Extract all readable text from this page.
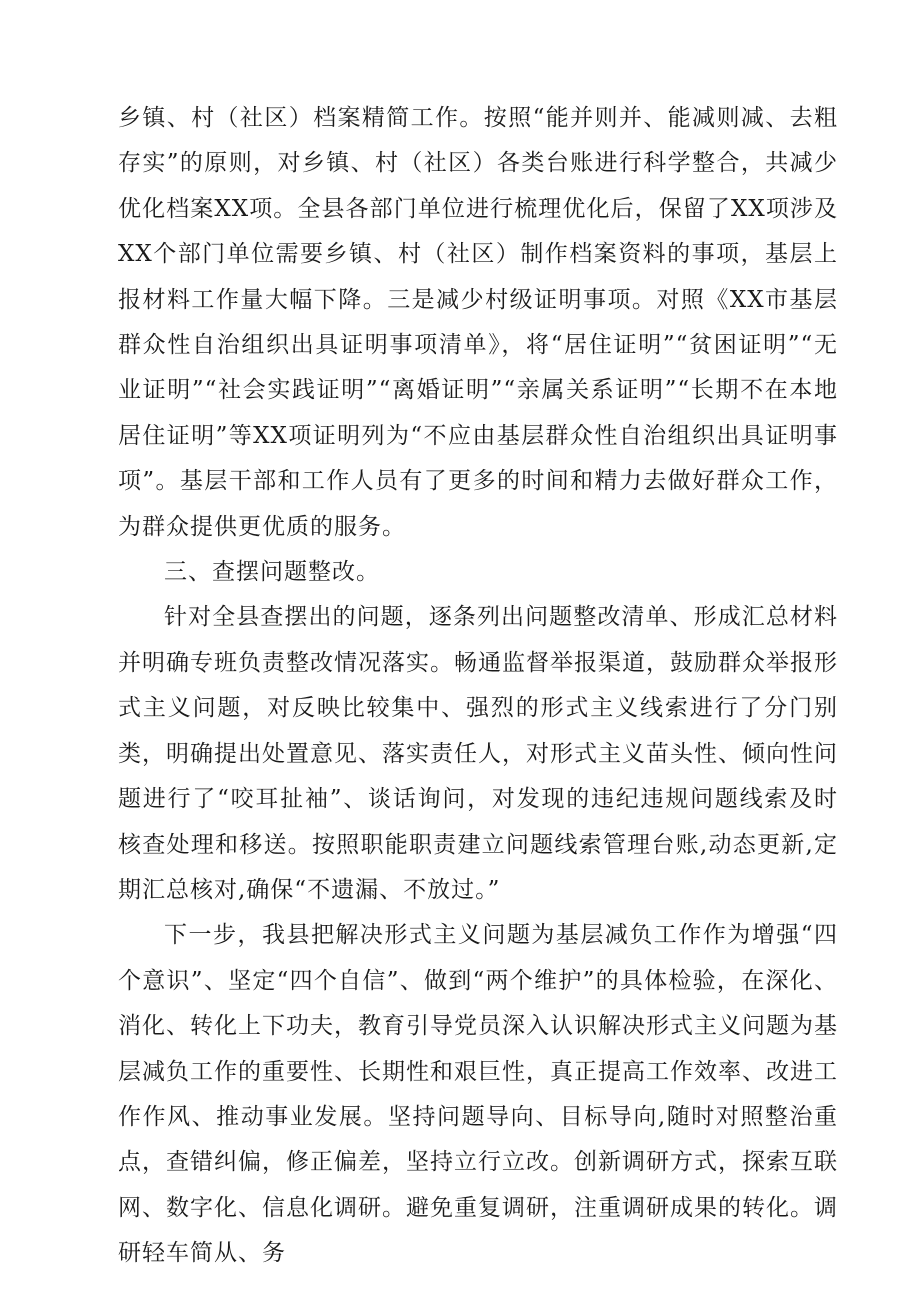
乡镇、村（社区）档案精简工作。按照“能并则并、能减则减、去粗存实”的原则，对乡镇、村（社区）各类台账进行科学整合，共减少优化档案XX项。全县各部门单位进行梳理优化后，保留了XX项涉及XX个部门单位需要乡镇、村（社区）制作档案资料的事项，基层上报材料工作量大幅下降。三是减少村级证明事项。对照《XX市基层群众性自治组织出具证明事项清单》，将“居住证明”“贫困证明”“无业证明”“社会实践证明”“离婚证明”“亲属关系证明”“长期不在本地居住证明”等XX项证明列为“不应由基层群众性自治组织出具证明事项”。基层干部和工作人员有了更多的时间和精力去做好群众工作，为群众提供更优质的服务。

三、查摆问题整改。

针对全县查摆出的问题，逐条列出问题整改清单、形成汇总材料并明确专班负责整改情况落实。畅通监督举报渠道，鼓励群众举报形式主义问题，对反映比较集中、强烈的形式主义线索进行了分门别类，明确提出处置意见、落实责任人，对形式主义苗头性、倾向性问题进行了“咬耳扯袖”、谈话询问，对发现的违纪违规问题线索及时核查处理和移送。按照职能职责建立问题线索管理台账,动态更新,定期汇总核对,确保“不遗漏、不放过。”

下一步，我县把解决形式主义问题为基层减负工作作为增强“四个意识”、坚定“四个自信”、做到“两个维护”的具体检验，在深化、消化、转化上下功夫，教育引导党员深入认识解决形式主义问题为基层减负工作的重要性、长期性和艰巨性，真正提高工作效率、改进工作作风、推动事业发展。坚持问题导向、目标导向,随时对照整治重点，查错纠偏，修正偏差，坚持立行立改。创新调研方式，探索互联网、数字化、信息化调研。避免重复调研，注重调研成果的转化。调研轻车简从、务
